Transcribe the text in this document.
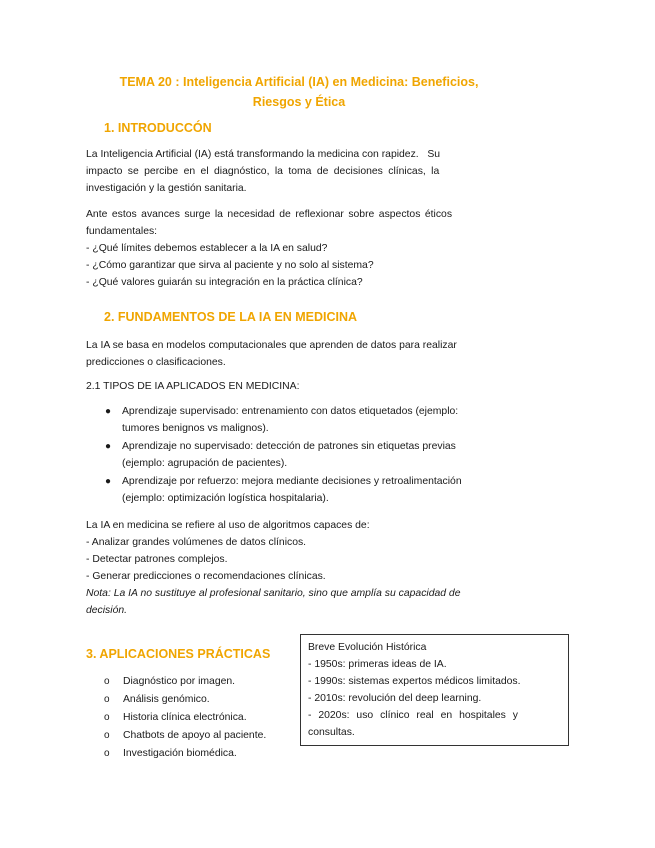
TEMA 20 : Inteligencia Artificial (IA) en Medicina: Beneficios,
Riesgos y Ética
1. INTRODUCCÓN
La Inteligencia Artificial (IA) está transformando la medicina con rapidez.   Su
impacto se percibe en el diagnóstico, la toma de decisiones clínicas, la
investigación y la gestión sanitaria.
Ante estos avances surge la necesidad de reflexionar sobre aspectos éticos
fundamentales:
- ¿Qué límites debemos establecer a la IA en salud?
- ¿Cómo garantizar que sirva al paciente y no solo al sistema?
- ¿Qué valores guiarán su integración en la práctica clínica?
2. FUNDAMENTOS DE LA IA EN MEDICINA
La IA se basa en modelos computacionales que aprenden de datos para realizar
predicciones o clasificaciones.
2.1 TIPOS DE IA APLICADOS EN MEDICINA:
● Aprendizaje supervisado: entrenamiento con datos etiquetados (ejemplo:
tumores benignos vs malignos).
● Aprendizaje no supervisado: detección de patrones sin etiquetas previas
(ejemplo: agrupación de pacientes).
● Aprendizaje por refuerzo: mejora mediante decisiones y retroalimentación
(ejemplo: optimización logística hospitalaria).
La IA en medicina se refiere al uso de algoritmos capaces de:
- Analizar grandes volúmenes de datos clínicos.
- Detectar patrones complejos.
- Generar predicciones o recomendaciones clínicas.
Nota: La IA no sustituye al profesional sanitario, sino que amplía su capacidad de
decisión.
3. APLICACIONES PRÁCTICAS
o Diagnóstico por imagen.
o Análisis genómico.
o Historia clínica electrónica.
o Chatbots de apoyo al paciente.
o Investigación biomédica.
Breve Evolución Histórica
- 1950s: primeras ideas de IA.
- 1990s: sistemas expertos médicos limitados.
- 2010s: revolución del deep learning.
- 2020s: uso clínico real en hospitales y
consultas.
